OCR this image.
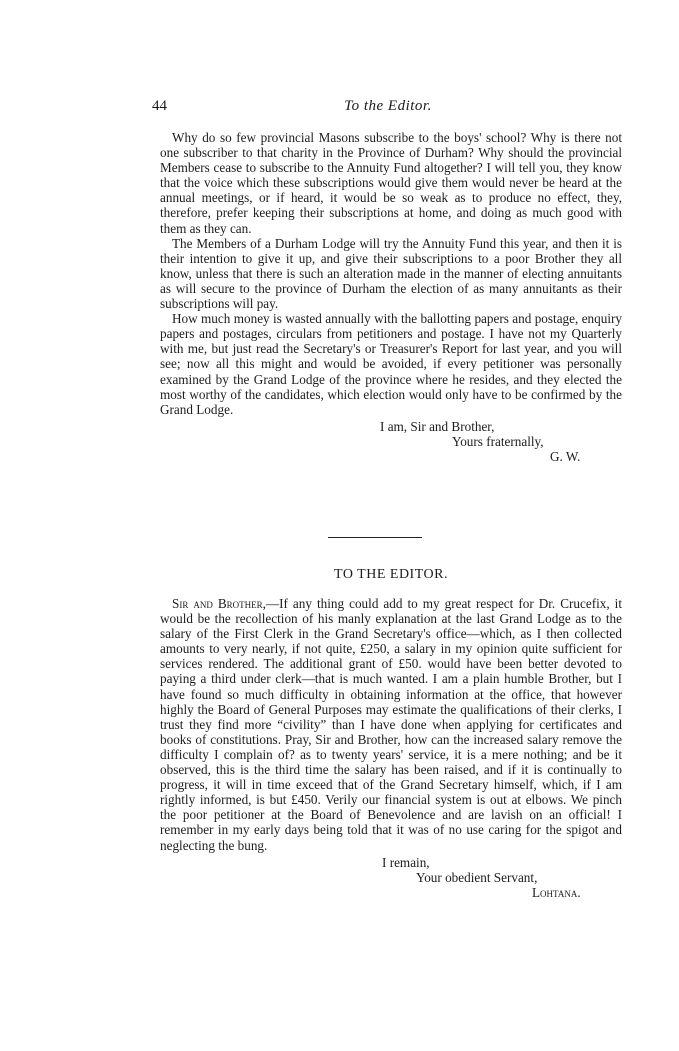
44	To the Editor.

Why do so few provincial Masons subscribe to the boys' school? Why is there not one subscriber to that charity in the Province of Durham? Why should the provincial Members cease to subscribe to the Annuity Fund altogether? I will tell you, they know that the voice which these subscriptions would give them would never be heard at the annual meetings, or if heard, it would be so weak as to produce no effect, they, therefore, prefer keeping their subscriptions at home, and doing as much good with them as they can.

The Members of a Durham Lodge will try the Annuity Fund this year, and then it is their intention to give it up, and give their subscriptions to a poor Brother they all know, unless that there is such an alteration made in the manner of electing annuitants as will secure to the province of Durham the election of as many annuitants as their subscriptions will pay.

How much money is wasted annually with the ballotting papers and postage, enquiry papers and postages, circulars from petitioners and postage. I have not my Quarterly with me, but just read the Secretary's or Treasurer's Report for last year, and you will see; now all this might and would be avoided, if every petitioner was personally examined by the Grand Lodge of the province where he resides, and they elected the most worthy of the candidates, which election would only have to be confirmed by the Grand Lodge.

I am, Sir and Brother,
Yours fraternally,
G. W.
TO THE EDITOR.

Sir and Brother,—If any thing could add to my great respect for Dr. Crucefix, it would be the recollection of his manly explanation at the last Grand Lodge as to the salary of the First Clerk in the Grand Secretary's office—which, as I then collected amounts to very nearly, if not quite, £250, a salary in my opinion quite sufficient for services rendered. The additional grant of £50. would have been better devoted to paying a third under clerk—that is much wanted. I am a plain humble Brother, but I have found so much difficulty in obtaining information at the office, that however highly the Board of General Purposes may estimate the qualifications of their clerks, I trust they find more “civility” than I have done when applying for certificates and books of constitutions. Pray, Sir and Brother, how can the increased salary remove the difficulty I complain of? as to twenty years' service, it is a mere nothing; and be it observed, this is the third time the salary has been raised, and if it is continually to progress, it will in time exceed that of the Grand Secretary himself, which, if I am rightly informed, is but £450. Verily our financial system is out at elbows. We pinch the poor petitioner at the Board of Benevolence and are lavish on an official! I remember in my early days being told that it was of no use caring for the spigot and neglecting the bung.

I remain,
Your obedient Servant,
Lohtana.
